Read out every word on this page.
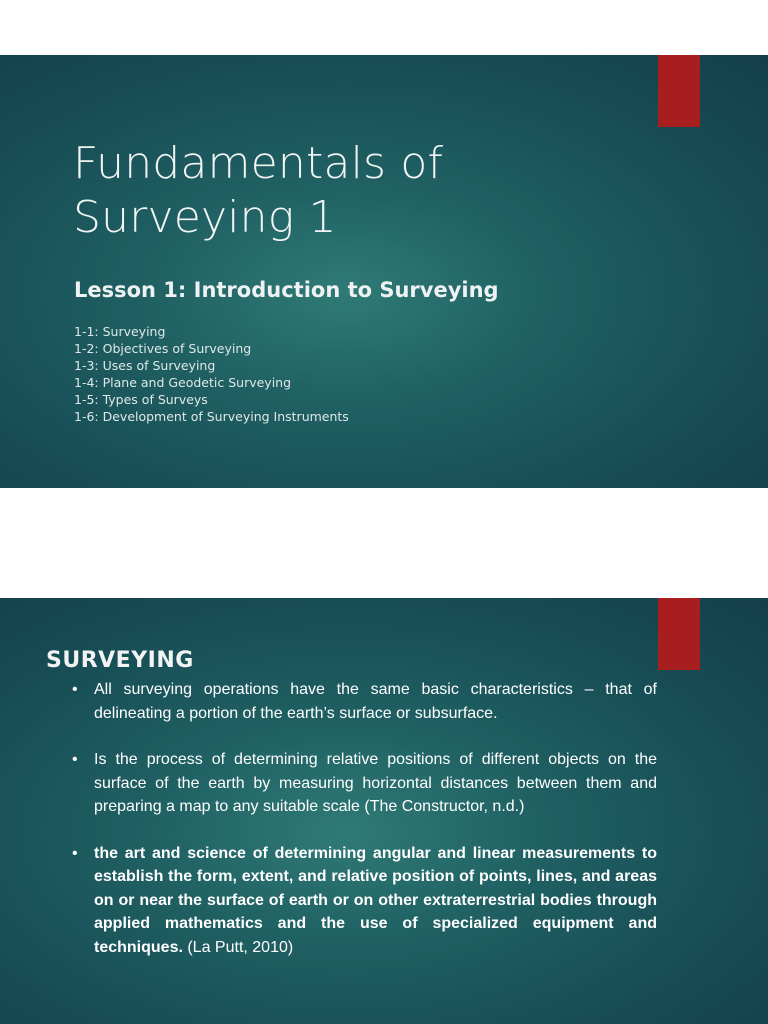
Fundamentals of
Surveying 1
Lesson 1: Introduction to Surveying
1-1: Surveying
1-2: Objectives of Surveying
1-3: Uses of Surveying
1-4: Plane and Geodetic Surveying
1-5: Types of Surveys
1-6: Development of Surveying Instruments
SURVEYING
• All surveying operations have the same basic characteristics – that of delineating a portion of the earth’s surface or subsurface.
• Is the process of determining relative positions of different objects on the surface of the earth by measuring horizontal distances between them and preparing a map to any suitable scale (The Constructor, n.d.)
• the art and science of determining angular and linear measurements to establish the form, extent, and relative position of points, lines, and areas on or near the surface of earth or on other extraterrestrial bodies through applied mathematics and the use of specialized equipment and techniques. (La Putt, 2010)
